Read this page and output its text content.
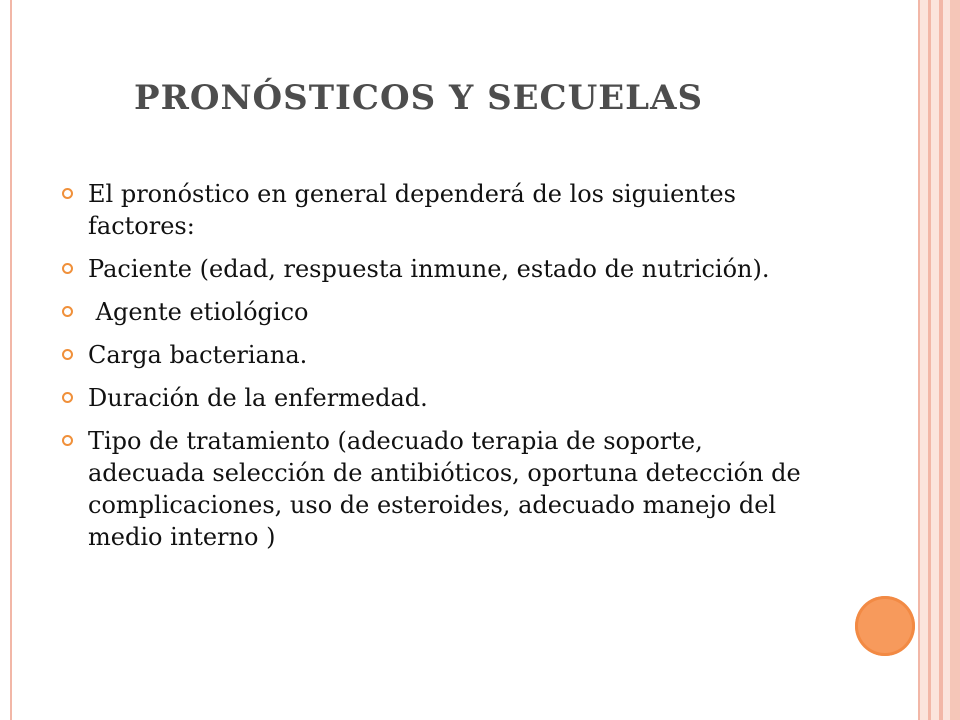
PRONÓSTICOS Y SECUELAS
El pronóstico en general dependerá de los siguientes factores:
Paciente (edad, respuesta inmune, estado de nutrición).
Agente etiológico
Carga bacteriana.
Duración de la enfermedad.
Tipo de tratamiento (adecuado terapia de soporte, adecuada selección de antibióticos, oportuna detección de complicaciones, uso de esteroides, adecuado manejo del medio interno )
